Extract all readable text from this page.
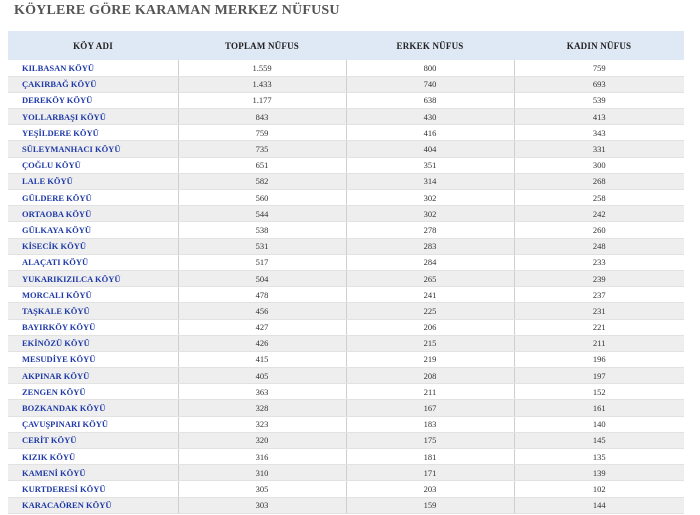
KÖYLERE GÖRE KARAMAN MERKEZ NÜFUSU
KÖY ADI	TOPLAM NÜFUS	ERKEK NÜFUS	KADIN NÜFUS
KILBASAN KÖYÜ	1.559	800	759
ÇAKIRBAĞ KÖYÜ	1.433	740	693
DEREKÖY KÖYÜ	1.177	638	539
YOLLARBAŞI KÖYÜ	843	430	413
YEŞİLDERE KÖYÜ	759	416	343
SÜLEYMANHACI KÖYÜ	735	404	331
ÇOĞLU KÖYÜ	651	351	300
LALE KÖYÜ	582	314	268
GÜLDERE KÖYÜ	560	302	258
ORTAOBA KÖYÜ	544	302	242
GÜLKAYA KÖYÜ	538	278	260
KİSECİK KÖYÜ	531	283	248
ALAÇATI KÖYÜ	517	284	233
YUKARIKIZILCA KÖYÜ	504	265	239
MORCALI KÖYÜ	478	241	237
TAŞKALE KÖYÜ	456	225	231
BAYIRKÖY KÖYÜ	427	206	221
EKİNÖZÜ KÖYÜ	426	215	211
MESUDİYE KÖYÜ	415	219	196
AKPINAR KÖYÜ	405	208	197
ZENGEN KÖYÜ	363	211	152
BOZKANDAK KÖYÜ	328	167	161
ÇAVUŞPINARI KÖYÜ	323	183	140
CERİT KÖYÜ	320	175	145
KIZIK KÖYÜ	316	181	135
KAMENİ KÖYÜ	310	171	139
KURTDERESİ KÖYÜ	305	203	102
KARACAÖREN KÖYÜ	303	159	144
